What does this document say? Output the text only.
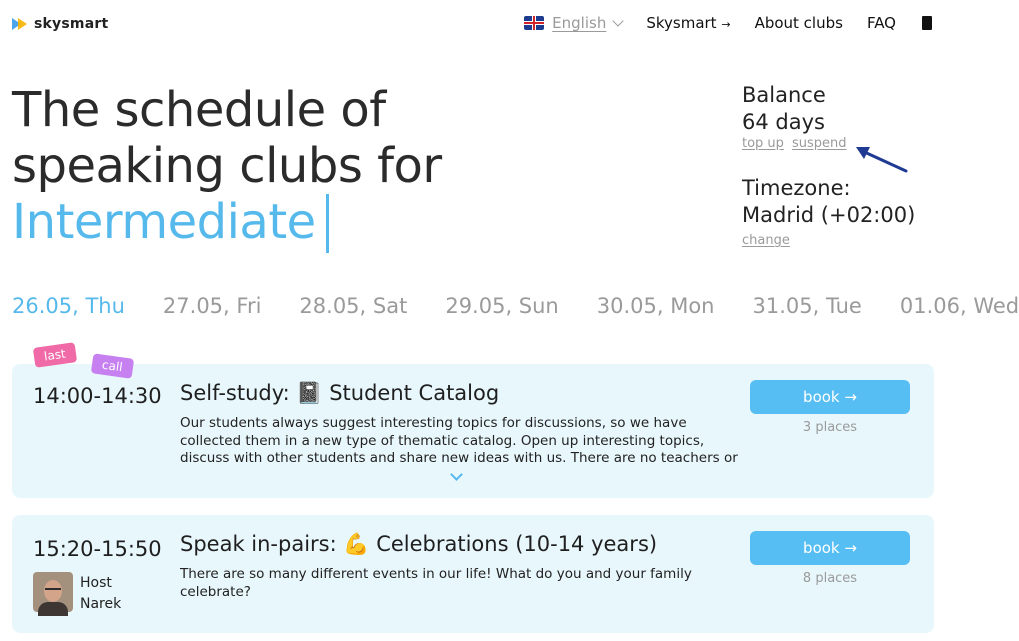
skysmart	English	Skysmart → About clubs FAQ
The schedule of
speaking clubs for
Intermediate
Balance
64 days
top up suspend
Timezone:
Madrid (+02:00)
change
26.05, Thu 27.05, Fri 28.05, Sat 29.05, Sun 30.05, Mon 31.05, Tue 01.06, Wed
14:00-14:30 Self-study: 📓 Student Catalog
Our students always suggest interesting topics for discussions, so we have collected them in a new type of thematic catalog. Open up interesting topics, discuss with other students and share new ideas with us. There are no teachers or
book →
3 places
last
call
15:20-15:50 Speak in-pairs: 💪 Celebrations (10-14 years)
There are so many different events in our life! What do you and your family celebrate?
Host
Narek
book →
8 places
